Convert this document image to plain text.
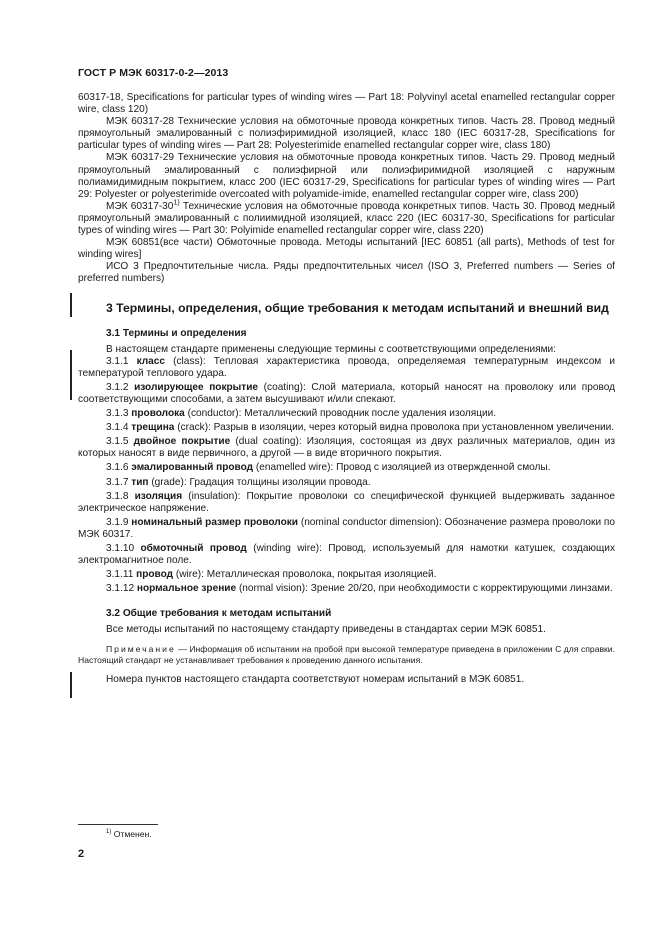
ГОСТ Р МЭК 60317-0-2—2013

60317-18, Specifications for particular types of winding wires — Part 18: Polyvinyl acetal enamelled rectangular copper wire, class 120)

МЭК 60317-28 Технические условия на обмоточные провода конкретных типов. Часть 28. Провод медный прямоугольный эмалированный с полиэфиримидной изоляцией, класс 180 (IEC 60317-28, Specifications for particular types of winding wires — Part 28: Polyesterimide enamelled rectangular copper wire, class 180)

МЭК 60317-29 Технические условия на обмоточные провода конкретных типов. Часть 29. Провод медный прямоугольный эмалированный с полиэфирной или полиэфиримидной изоляцией с наружным полиамидимидным покрытием, класс 200 (IEC 60317-29, Specifications for particular types of winding wires — Part 29: Polyester or polyesterimide overcoated with polyamide-imide, enamelled rectangular copper wire, class 200)

МЭК 60317-30$^{1)}$ Технические условия на обмоточные провода конкретных типов. Часть 30. Провод медный прямоугольный эмалированный с полиимидной изоляцией, класс 220 (IEC 60317-30, Specifications for particular types of winding wires — Part 30: Polyimide enamelled rectangular copper wire, class 220)

МЭК 60851(все части) Обмоточные провода. Методы испытаний [IEC 60851 (all parts), Methods of test for winding wires]

ИСО 3 Предпочтительные числа. Ряды предпочтительных чисел (ISO 3, Preferred numbers — Series of preferred numbers)

3 Термины, определения, общие требования к методам испытаний и внешний вид

3.1 Термины и определения

В настоящем стандарте применены следующие термины с соответствующими определениями:

3.1.1 класс (class): Тепловая характеристика провода, определяемая температурным индексом и температурой теплового удара.

3.1.2 изолирующее покрытие (coating): Слой материала, который наносят на проволоку или провод соответствующими способами, а затем высушивают и/или спекают.

3.1.3 проволока (conductor): Металлический проводник после удаления изоляции.

3.1.4 трещина (crack): Разрыв в изоляции, через который видна проволока при установленном увеличении.

3.1.5 двойное покрытие (dual coating): Изоляция, состоящая из двух различных материалов, один из которых наносят в виде первичного, а другой — в виде вторичного покрытия.

3.1.6 эмалированный провод (enamelled wire): Провод с изоляцией из отвержденной смолы.

3.1.7 тип (grade): Градация толщины изоляции провода.

3.1.8 изоляция (insulation): Покрытие проволоки со специфической функцией выдерживать заданное электрическое напряжение.

3.1.9 номинальный размер проволоки (nominal conductor dimension): Обозначение размера проволоки по МЭК 60317.

3.1.10 обмоточный провод (winding wire): Провод, используемый для намотки катушек, создающих электромагнитное поле.

3.1.11 провод (wire): Металлическая проволока, покрытая изоляцией.

3.1.12 нормальное зрение (normal vision): Зрение 20/20, при необходимости с корректирующими линзами.

3.2 Общие требования к методам испытаний

Все методы испытаний по настоящему стандарту приведены в стандартах серии МЭК 60851.

Примечание — Информация об испытании на пробой при высокой температуре приведена в приложении С для справки. Настоящий стандарт не устанавливает требования к проведению данного испытания.

Номера пунктов настоящего стандарта соответствуют номерам испытаний в МЭК 60851.

$^{1)}$ Отменен.
2
